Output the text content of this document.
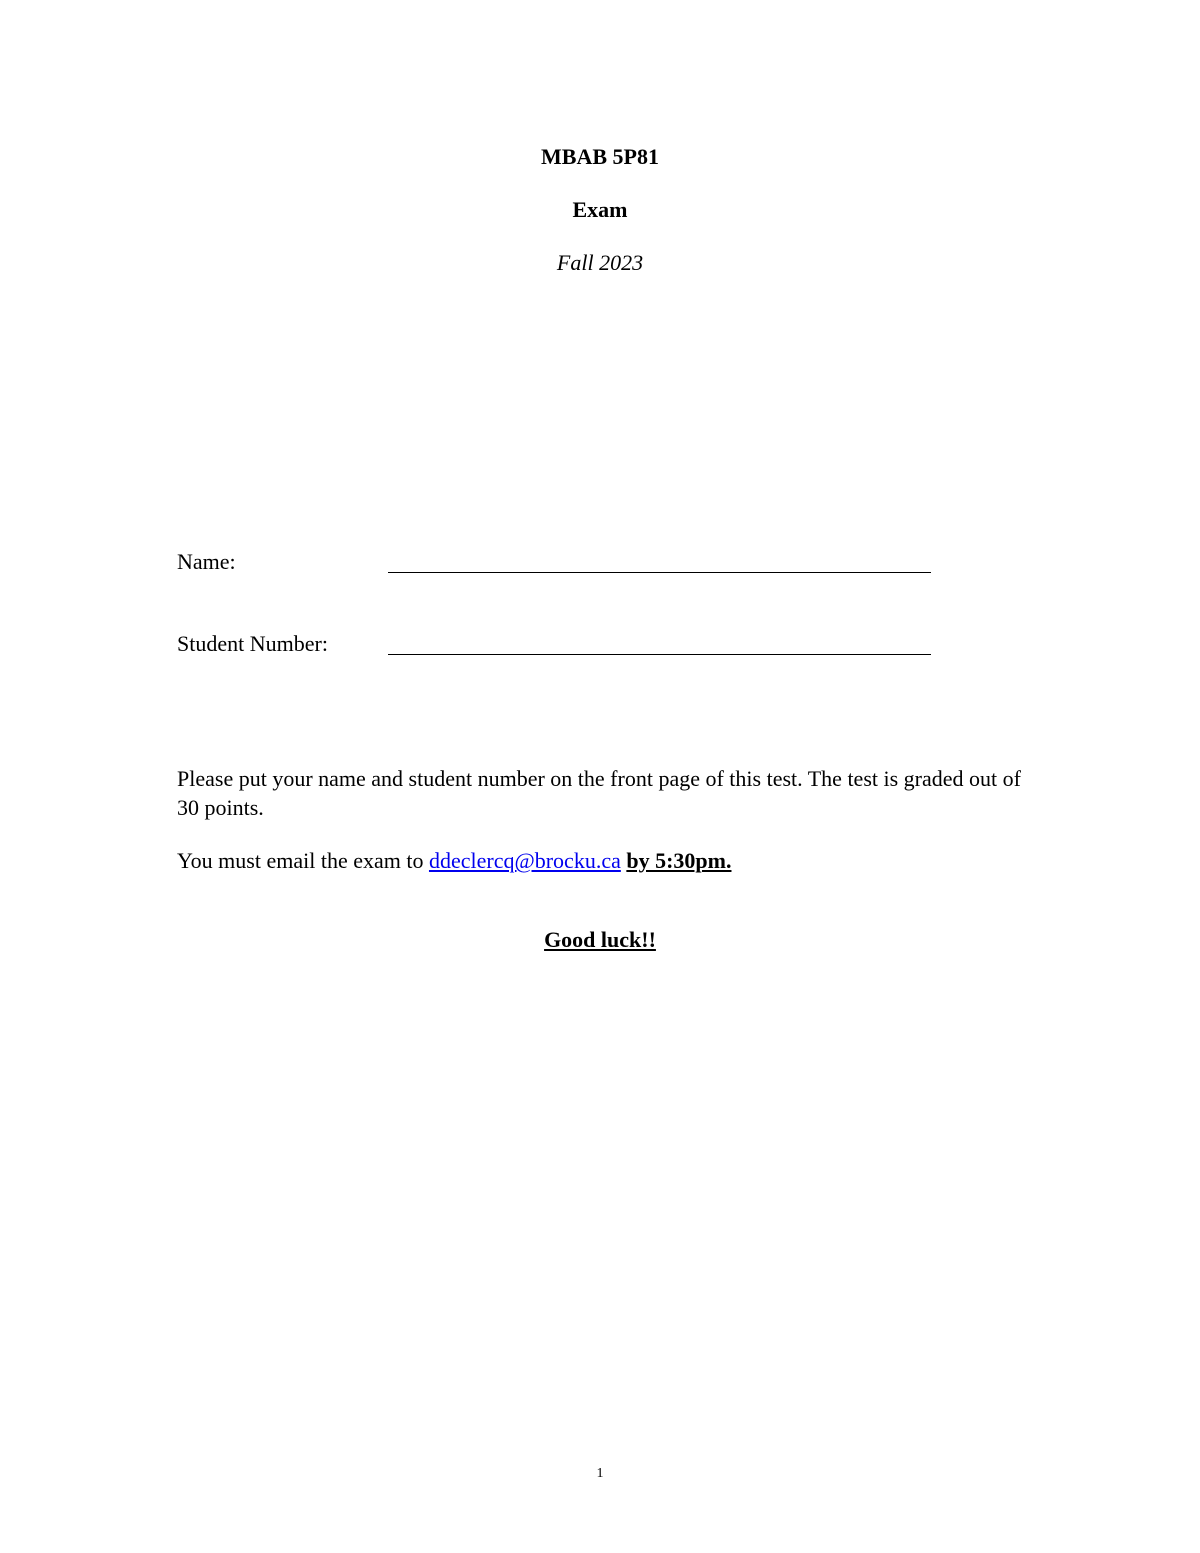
MBAB 5P81

Exam

Fall 2023

Name:
Student Number:

Please put your name and student number on the front page of this test. The test is graded out of 30 points.

You must email the exam to ddeclercq@brocku.ca by 5:30pm.

Good luck!!

1
